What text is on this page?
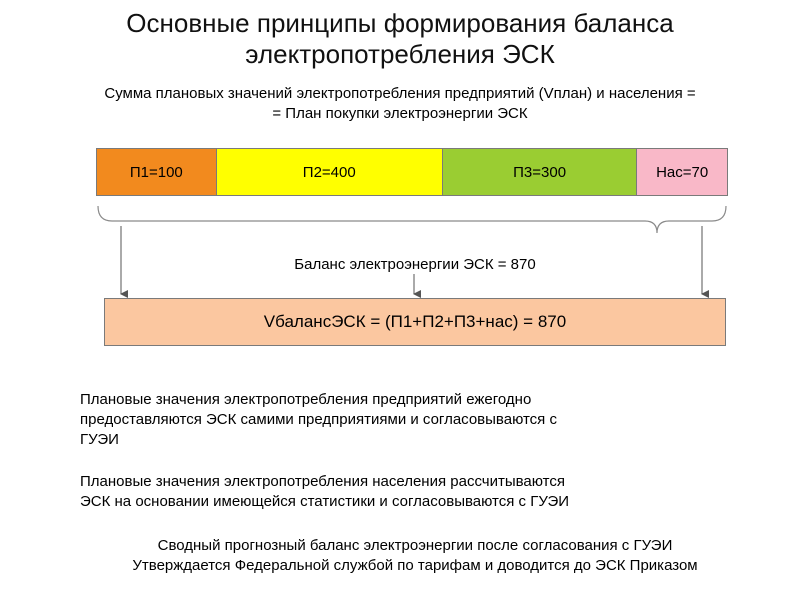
Основные принципы формирования баланса
электропотребления ЭСК
Сумма плановых значений электропотребления предприятий (Vплан) и населения =
= План покупки электроэнергии ЭСК
П1=100	П2=400	П3=300	Нас=70
Баланс электроэнергии ЭСК = 870
VбалансЭСК = (П1+П2+П3+нас) = 870
Плановые значения электропотребления предприятий ежегодно
предоставляются ЭСК самими предприятиями и согласовываются с
ГУЭИ
Плановые значения электропотребления населения рассчитываются
ЭСК на основании имеющейся статистики и согласовываются с ГУЭИ
Сводный прогнозный баланс электроэнергии после согласования с ГУЭИ
Утверждается Федеральной службой по тарифам и доводится до ЭСК Приказом
